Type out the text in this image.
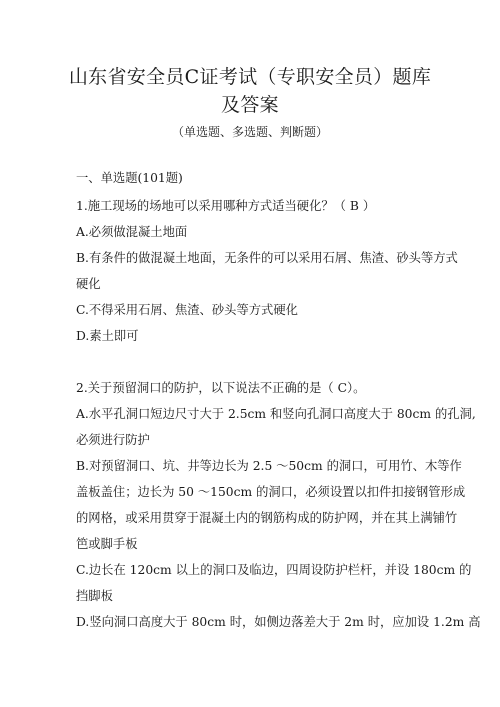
山东省安全员C证考试（专职安全员）题库
及答案
（单选题、多选题、判断题）
一、单选题(101题)
1.施工现场的场地可以采用哪种方式适当硬化？（ B ）
A.必须做混凝土地面
B.有条件的做混凝土地面，无条件的可以采用石屑、焦渣、砂头等方式
硬化
C.不得采用石屑、焦渣、砂头等方式硬化
D.素土即可
2.关于预留洞口的防护，以下说法不正确的是（ C）。
A.水平孔洞口短边尺寸大于 2.5cm 和竖向孔洞口高度大于 80cm 的孔洞,
必须进行防护
B.对预留洞口、坑、井等边长为 2.5 ～50cm 的洞口，可用竹、木等作
盖板盖住；边长为 50 ～150cm 的洞口，必须设置以扣件扣接钢管形成
的网格，或采用贯穿于混凝土内的钢筋构成的防护网，并在其上满铺竹
笆或脚手板
C.边长在 120cm 以上的洞口及临边，四周设防护栏杆，并设 180cm 的
挡脚板
D.竖向洞口高度大于 80cm 时，如侧边落差大于 2m 时，应加设 1.2m 高
